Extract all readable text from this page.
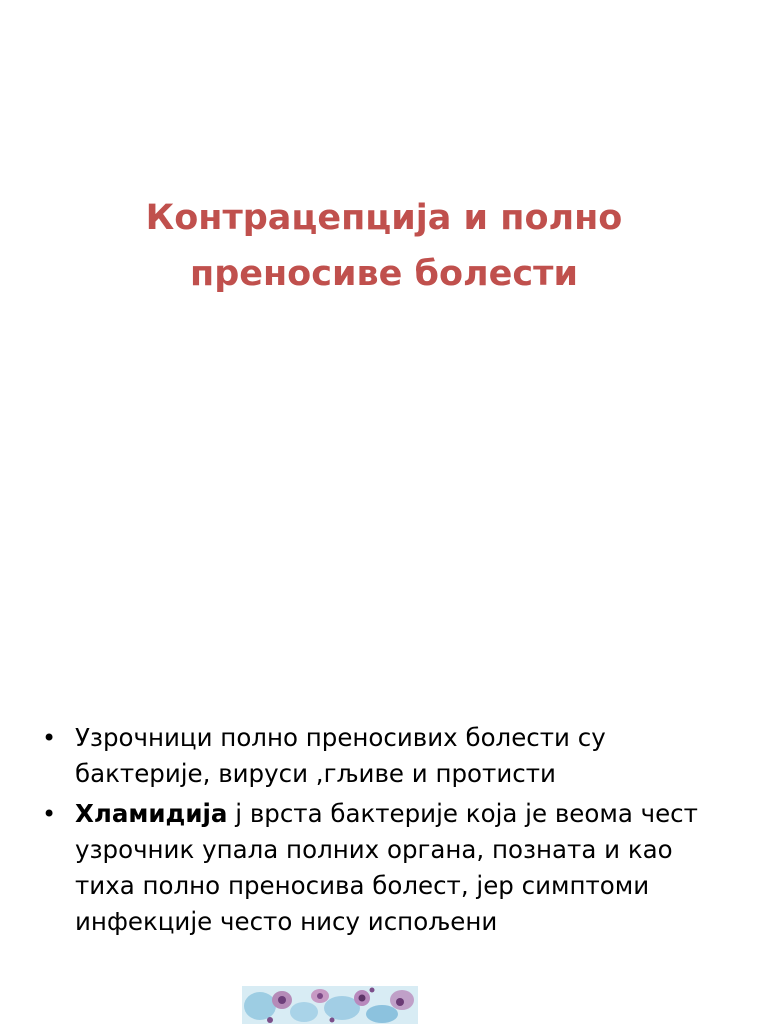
Контрацепција и полно
преносиве болести
• Узрочници полно преносивих болести су бактерије, вируси ,гљиве и протисти
• Хламидија ј врста бактерије која је веома чест узрочник упала полних органа, позната и као тиха полно преносива болест, јер симптоми инфекције често нису испољени
